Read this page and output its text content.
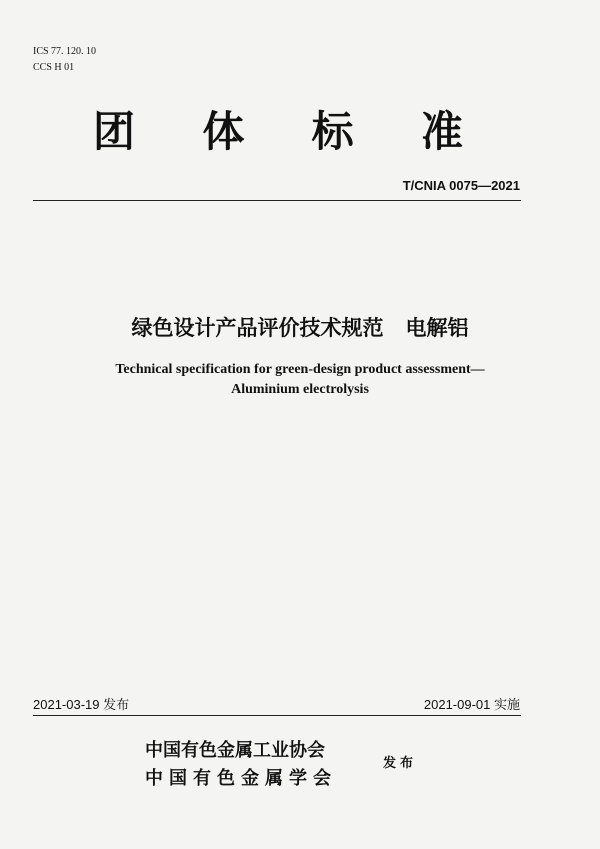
ICS 77. 120. 10
CCS H 01
团 体 标 准
T/CNIA 0075—2021
绿色设计产品评价技术规范   电解铝
Technical specification for green-design product assessment—
Aluminium electrolysis
2021-03-19 发布	2021-09-01 实施
中国有色金属工业协会
中国有色金属学会
发布
